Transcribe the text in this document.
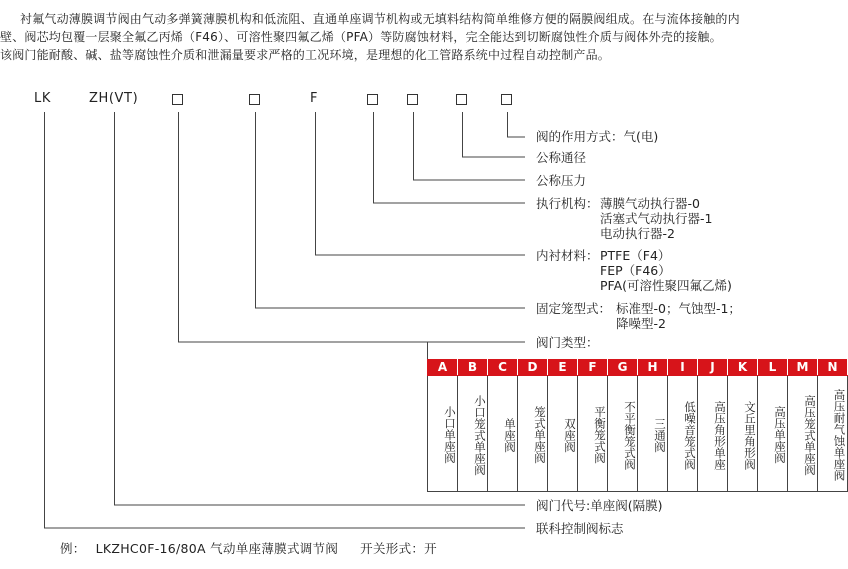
衬氟气动薄膜调节阀由气动多弹簧薄膜机构和低流阻、直通单座调节机构或无填料结构简单维修方便的隔膜阀组成。在与流体接触的内
壁、阀芯均包覆一层聚全氟乙丙烯（F46）、可溶性聚四氟乙烯（PFA）等防腐蚀材料，完全能达到切断腐蚀性介质与阀体外壳的接触。
该阀门能耐酸、碱、盐等腐蚀性介质和泄漏量要求严格的工况环境，是理想的化工管路系统中过程自动控制产品。
LK	ZH(VT)	F
阀的作用方式：气(电)
公称通径
公称压力
执行机构： 薄膜气动执行器-0
活塞式气动执行器-1
电动执行器-2
内衬材料： PTFE（F4）
FEP（F46）
PFA(可溶性聚四氟乙烯)
固定笼型式： 标准型-0；气蚀型-1；
降噪型-2
阀门类型：
A	B	C	D	E	F	G	H	I	J	K	L	M	N
小口单座阀	小口笼式单座阀	单座阀	笼式单座阀	双座阀	平衡笼式阀	不平衡笼式阀	三通阀	低噪音笼式阀	高压角形单座	文丘里角形阀	高压单座阀	高压笼式单座阀	高压耐气蚀单座阀
阀门代号:单座阀(隔膜)
联科控制阀标志
例： LKZHC0F-16/80A 气动单座薄膜式调节阀 开关形式：开
